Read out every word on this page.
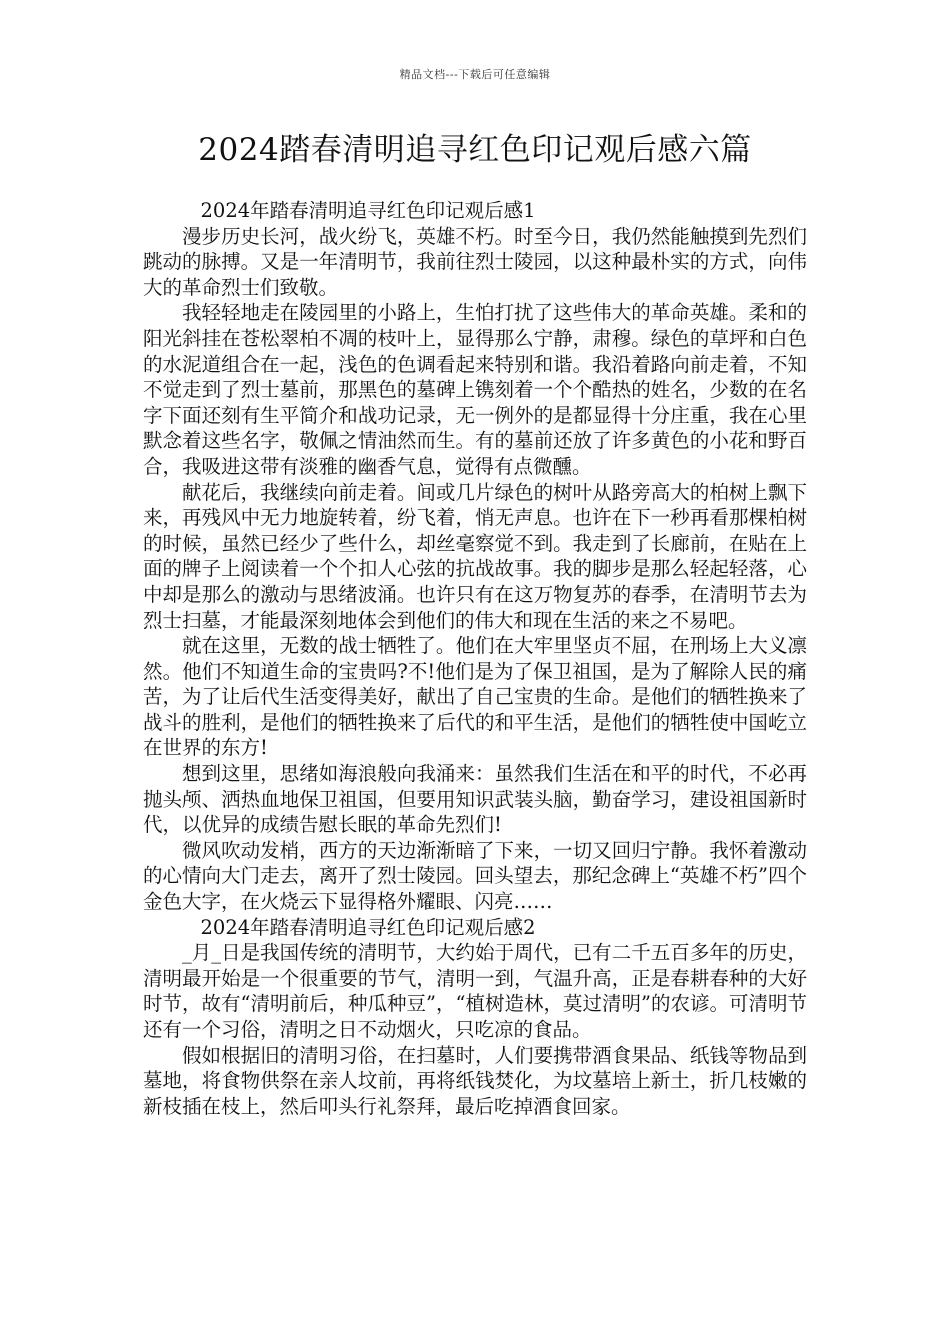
精品文档---下载后可任意编辑
2024踏春清明追寻红色印记观后感六篇

2024年踏春清明追寻红色印记观后感1

漫步历史长河，战火纷飞，英雄不朽。时至今日，我仍然能触摸到先烈们跳动的脉搏。又是一年清明节，我前往烈士陵园，以这种最朴实的方式，向伟大的革命烈士们致敬。

我轻轻地走在陵园里的小路上，生怕打扰了这些伟大的革命英雄。柔和的阳光斜挂在苍松翠柏不凋的枝叶上，显得那么宁静，肃穆。绿色的草坪和白色的水泥道组合在一起，浅色的色调看起来特别和谐。我沿着路向前走着，不知不觉走到了烈士墓前，那黑色的墓碑上镌刻着一个个酷热的姓名，少数的在名字下面还刻有生平简介和战功记录，无一例外的是都显得十分庄重，我在心里默念着这些名字，敬佩之情油然而生。有的墓前还放了许多黄色的小花和野百合，我吸进这带有淡雅的幽香气息，觉得有点微醺。

献花后，我继续向前走着。间或几片绿色的树叶从路旁高大的柏树上飘下来，再残风中无力地旋转着，纷飞着，悄无声息。也许在下一秒再看那棵柏树的时候，虽然已经少了些什么，却丝毫察觉不到。我走到了长廊前，在贴在上面的牌子上阅读着一个个扣人心弦的抗战故事。我的脚步是那么轻起轻落，心中却是那么的激动与思绪波涌。也许只有在这万物复苏的春季，在清明节去为烈士扫墓，才能最深刻地体会到他们的伟大和现在生活的来之不易吧。

就在这里，无数的战士牺牲了。他们在大牢里坚贞不屈，在刑场上大义凛然。他们不知道生命的宝贵吗?不!他们是为了保卫祖国，是为了解除人民的痛苦，为了让后代生活变得美好，献出了自己宝贵的生命。是他们的牺牲换来了战斗的胜利，是他们的牺牲换来了后代的和平生活，是他们的牺牲使中国屹立在世界的东方!

想到这里，思绪如海浪般向我涌来：虽然我们生活在和平的时代，不必再抛头颅、洒热血地保卫祖国，但要用知识武装头脑，勤奋学习，建设祖国新时代，以优异的成绩告慰长眠的革命先烈们!

微风吹动发梢，西方的天边渐渐暗了下来，一切又回归宁静。我怀着激动的心情向大门走去，离开了烈士陵园。回头望去，那纪念碑上“英雄不朽”四个金色大字，在火烧云下显得格外耀眼、闪亮……

2024年踏春清明追寻红色印记观后感2

_月_日是我国传统的清明节，大约始于周代，已有二千五百多年的历史，清明最开始是一个很重要的节气，清明一到，气温升高，正是春耕春种的大好时节，故有“清明前后，种瓜种豆”，“植树造林，莫过清明”的农谚。可清明节还有一个习俗，清明之日不动烟火，只吃凉的食品。

假如根据旧的清明习俗，在扫墓时，人们要携带酒食果品、纸钱等物品到墓地，将食物供祭在亲人坟前，再将纸钱焚化，为坟墓培上新土，折几枝嫩的新枝插在枝上，然后叩头行礼祭拜，最后吃掉酒食回家。
